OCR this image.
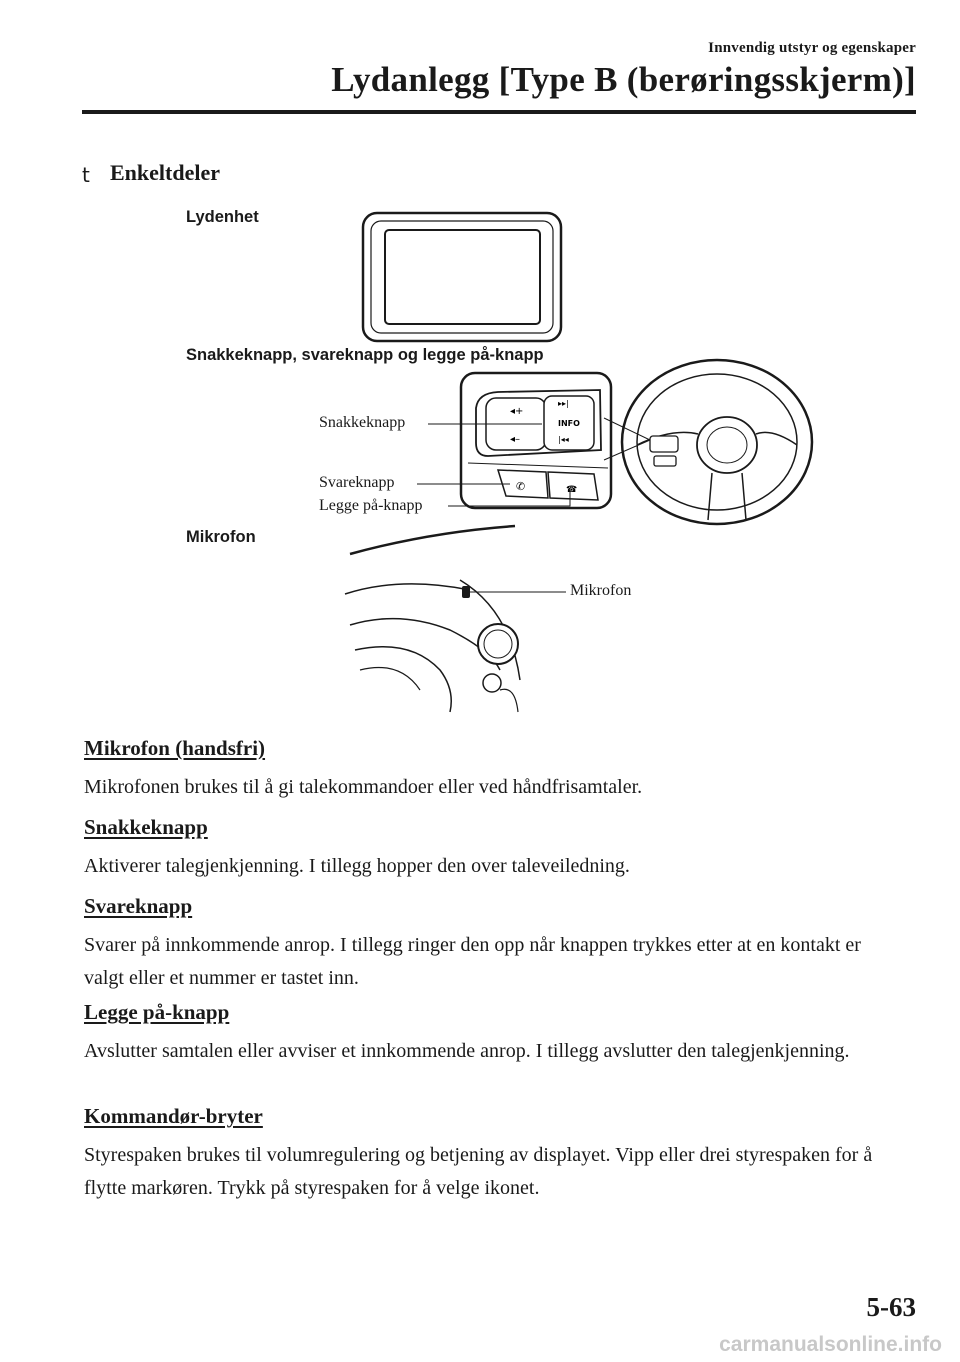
Innvendig utstyr og egenskaper
Lydanlegg [Type B (berøringsskjerm)]
t Enkeltdeler
Lydenhet
Snakkeknapp, svareknapp og legge på-knapp
◂+
◂–
▸▸|
INFO
|◂◂
✆	☎
Snakkeknapp
Svareknapp
Legge på-knapp
Mikrofon
Mikrofon
Mikrofon (handsfri)
Mikrofonen brukes til å gi talekommandoer eller ved håndfrisamtaler.
Snakkeknapp
Aktiverer talegjenkjenning. I tillegg hopper den over taleveiledning.
Svareknapp
Svarer på innkommende anrop. I tillegg ringer den opp når knappen trykkes etter at en kontakt er valgt eller et nummer er tastet inn.
Legge på-knapp
Avslutter samtalen eller avviser et innkommende anrop. I tillegg avslutter den talegjenkjenning.
Kommandør-bryter
Styrespaken brukes til volumregulering og betjening av displayet. Vipp eller drei styrespaken for å flytte markøren. Trykk på styrespaken for å velge ikonet.
5-63
carmanualsonline.info
